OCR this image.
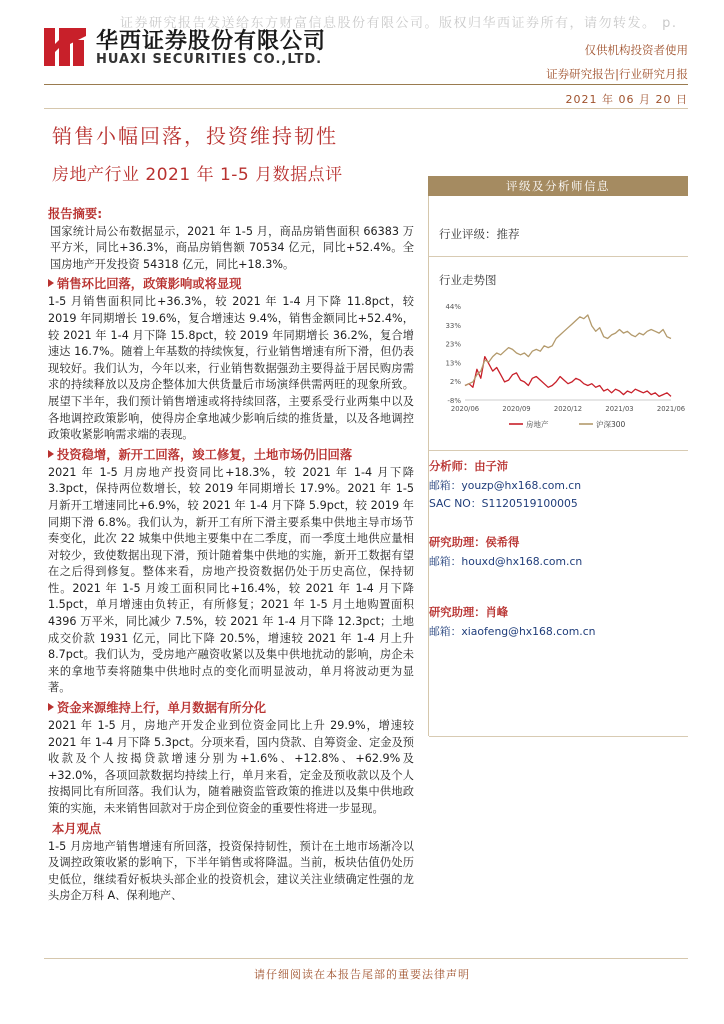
证券研究报告发送给东方财富信息股份有限公司。版权归华西证券所有，请勿转发。 p.
华西证券股份有限公司
HUAXI SECURITIES CO.,LTD.
仅供机构投资者使用
证券研究报告|行业研究月报
2021 年 06 月 20 日
销售小幅回落，投资维持韧性
房地产行业 2021 年 1-5 月数据点评
报告摘要:

国家统计局公布数据显示，2021 年 1-5 月，商品房销售面积 66383 万平方米，同比+36.3%，商品房销售额 70534 亿元，同比+52.4%。全国房地产开发投资 54318 亿元，同比+18.3%。

销售环比回落，政策影响或将显现

1-5 月销售面积同比+36.3%，较 2021 年 1-4 月下降 11.8pct，较 2019 年同期增长 19.6%，复合增速达 9.4%，销售金额同比+52.4%，较 2021 年 1-4 月下降 15.8pct，较 2019 年同期增长 36.2%，复合增速达 16.7%。随着上年基数的持续恢复，行业销售增速有所下滑，但仍表现较好。我们认为，今年以来，行业销售数据强劲主要得益于居民购房需求的持续释放以及房企整体加大供货量后市场演绎供需两旺的现象所致。展望下半年，我们预计销售增速或将持续回落，主要系受行业两集中以及各地调控政策影响，使得房企拿地减少影响后续的推货量，以及各地调控政策收紧影响需求端的表现。

投资稳增，新开工回落，竣工修复，土地市场仍旧回落

2021 年 1-5 月房地产投资同比+18.3%，较 2021 年 1-4 月下降 3.3pct，保持两位数增长，较 2019 年同期增长 17.9%。2021 年 1-5 月新开工增速同比+6.9%，较 2021 年 1-4 月下降 5.9pct，较 2019 年同期下滑 6.8%。我们认为，新开工有所下滑主要系集中供地主导市场节奏变化，此次 22 城集中供地主要集中在二季度，而一季度土地供应量相对较少，致使数据出现下滑，预计随着集中供地的实施，新开工数据有望在之后得到修复。整体来看，房地产投资数据仍处于历史高位，保持韧性。2021 年 1-5 月竣工面积同比+16.4%，较 2021 年 1-4 月下降 1.5pct，单月增速由负转正，有所修复；2021 年 1-5 月土地购置面积 4396 万平米，同比减少 7.5%，较 2021 年 1-4 月下降 12.3pct；土地成交价款 1931 亿元，同比下降 20.5%，增速较 2021 年 1-4 月上升 8.7pct。我们认为，受房地产融资收紧以及集中供地扰动的影响，房企未来的拿地节奏将随集中供地时点的变化而明显波动，单月将波动更为显著。

资金来源维持上行，单月数据有所分化

2021 年 1-5 月，房地产开发企业到位资金同比上升 29.9%，增速较 2021 年 1-4 月下降 5.3pct。分项来看，国内贷款、自筹资金、定金及预收款及个人按揭贷款增速分别为+1.6%、+12.8%、+62.9%及+32.0%，各项回款数据均持续上行，单月来看，定金及预收款以及个人按揭同比有所回落。我们认为，随着融资监管政策的推进以及集中供地政策的实施，未来销售回款对于房企到位资金的重要性将进一步显现。

本月观点

1-5 月房地产销售增速有所回落，投资保持韧性，预计在土地市场渐冷以及调控政策收紧的影响下，下半年销售或将降温。当前，板块估值仍处历史低位，继续看好板块头部企业的投资机会，建议关注业绩确定性强的龙头房企万科 A、保利地产、

评级及分析师信息
行业评级：推荐
行业走势图
-8%
2%
13%
23%
33%
44%
2020/06	2020/09	2020/12	2021/03	2021/06
房地产	沪深300
分析师：由子沛
邮箱：youzp@hx168.com.cn
SAC NO：S1120519100005
研究助理：侯希得
邮箱：houxd@hx168.com.cn
研究助理：肖峰
邮箱：xiaofeng@hx168.com.cn
请仔细阅读在本报告尾部的重要法律声明
